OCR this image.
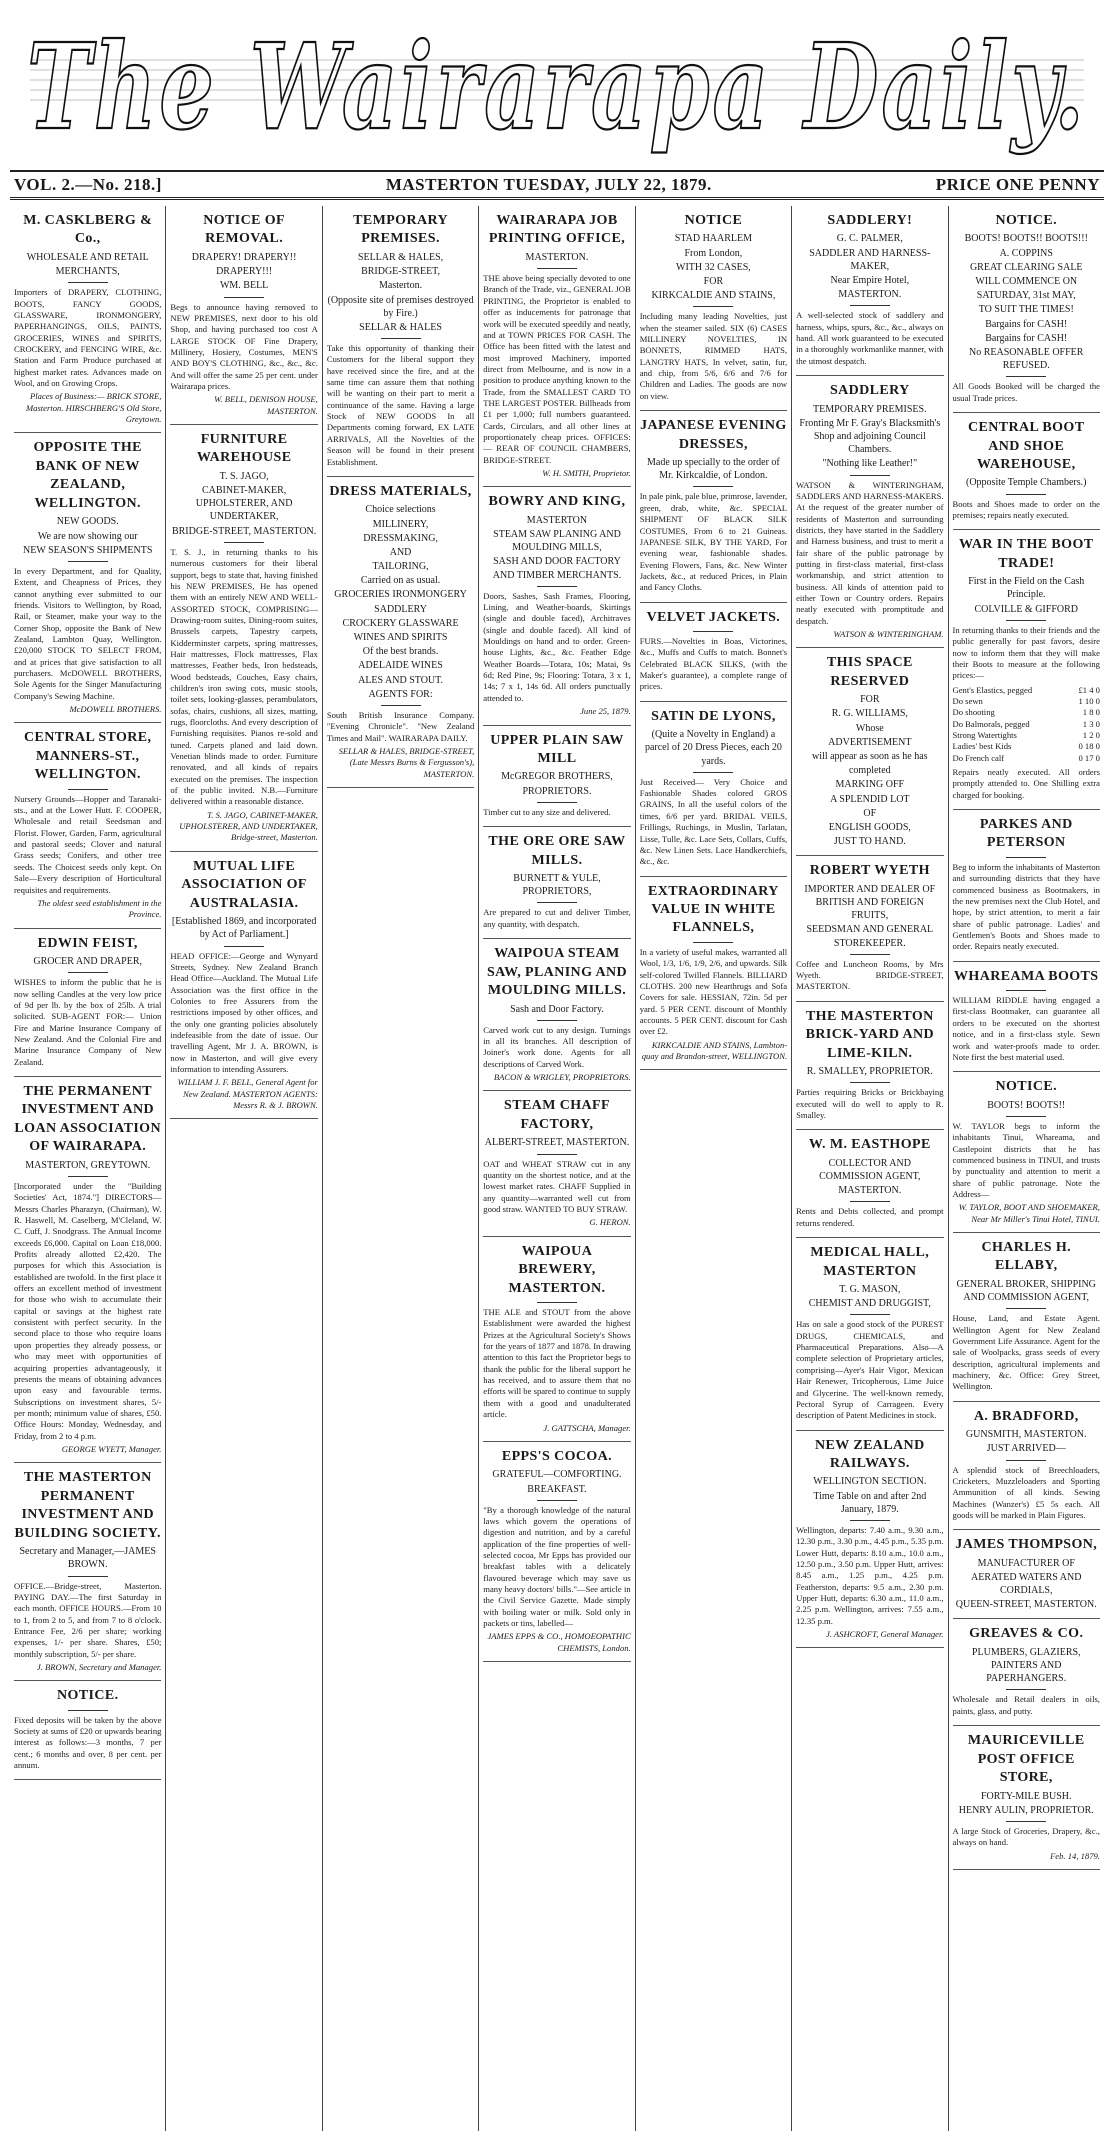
The Wairarapa Daily.
VOL. 2.—No. 218.]	MASTERTON TUESDAY, JULY 22, 1879.	PRICE ONE PENNY
M. CASKLBERG & Co.,
WHOLESALE AND RETAIL
MERCHANTS,
Importers of DRAPERY, CLOTHING, BOOTS, FANCY GOODS, GLASSWARE, IRONMONGERY, PAPERHANGINGS, OILS, PAINTS, GROCERIES, WINES and SPIRITS, CROCKERY, and FENCING WIRE, &c. Station and Farm Produce purchased at highest market rates. Advances made on Wool, and on Growing Crops.
Places of Business:— BRICK STORE, Masterton. HIRSCHBERG'S Old Store, Greytown.
OPPOSITE THE BANK OF NEW ZEALAND, WELLINGTON.
NEW GOODS.
We are now showing our
NEW SEASON'S SHIPMENTS
In every Department, and for Quality, Extent, and Cheapness of Prices, they cannot anything ever submitted to our friends. Visitors to Wellington, by Road, Rail, or Steamer, make your way to the Corner Shop, opposite the Bank of New Zealand, Lambton Quay, Wellington. £20,000 STOCK TO SELECT FROM, and at prices that give satisfaction to all purchasers. McDOWELL BROTHERS, Sole Agents for the Singer Manufacturing Company's Sewing Machine.
McDOWELL BROTHERS.
CENTRAL STORE, MANNERS-ST., WELLINGTON.
Nursery Grounds—Hopper and Taranaki-sts., and at the Lower Hutt. F. COOPER, Wholesale and retail Seedsman and Florist. Flower, Garden, Farm, agricultural and pastoral seeds; Clover and natural Grass seeds; Conifers, and other tree seeds. The Choicest seeds only kept. On Sale—Every description of Horticultural requisites and requirements.
The oldest seed establishment in the Province.
EDWIN FEIST,
GROCER AND DRAPER,
WISHES to inform the public that he is now selling Candles at the very low price of 9d per lb. by the box of 25lb. A trial solicited. SUB-AGENT FOR:— Union Fire and Marine Insurance Company of New Zealand. And the Colonial Fire and Marine Insurance Company of New Zealand.
THE PERMANENT INVESTMENT AND LOAN ASSOCIATION OF WAIRARAPA.
MASTERTON, GREYTOWN.
[Incorporated under the "Building Societies' Act, 1874."] DIRECTORS— Messrs Charles Pharazyn, (Chairman), W. R. Haswell, M. Caselberg, M'Cleland, W. C. Cuff, J. Snodgrass. The Annual Income exceeds £6,000. Capital on Loan £18,000. Profits already allotted £2,420. The purposes for which this Association is established are twofold. In the first place it offers an excellent method of investment for those who wish to accumulate their capital or savings at the highest rate consistent with perfect security. In the second place to those who require loans upon properties they already possess, or who may meet with opportunities of acquiring properties advantageously, it presents the means of obtaining advances upon easy and favourable terms. Subscriptions on investment shares, 5/- per month; minimum value of shares, £50. Office Hours: Monday, Wednesday, and Friday, from 2 to 4 p.m.
GEORGE WYETT, Manager.
THE MASTERTON PERMANENT INVESTMENT AND BUILDING SOCIETY.
Secretary and Manager,—JAMES BROWN.
OFFICE.—Bridge-street, Masterton. PAYING DAY.—The first Saturday in each month. OFFICE HOURS.—From 10 to 1, from 2 to 5, and from 7 to 8 o'clock. Entrance Fee, 2/6 per share; working expenses, 1/- per share. Shares, £50; monthly subscription, 5/- per share.
J. BROWN, Secretary and Manager.
NOTICE.
Fixed deposits will be taken by the above Society at sums of £20 or upwards bearing interest as follows:—3 months, 7 per cent.; 6 months and over, 8 per cent. per annum.
NOTICE OF REMOVAL.
DRAPERY! DRAPERY!!
DRAPERY!!!
WM. BELL
Begs to announce having removed to NEW PREMISES, next door to his old Shop, and having purchased too cost A LARGE STOCK OF Fine Drapery, Millinery, Hosiery, Costumes, MEN'S AND BOY'S CLOTHING, &c., &c., &c. And will offer the same 25 per cent. under Wairarapa prices.
W. BELL, DENISON HOUSE, MASTERTON.
FURNITURE WAREHOUSE
T. S. JAGO,
CABINET-MAKER, UPHOLSTERER, AND UNDERTAKER,
BRIDGE-STREET, MASTERTON.
T. S. J., in returning thanks to his numerous customers for their liberal support, begs to state that, having finished his NEW PREMISES, He has opened them with an entirely NEW AND WELL-ASSORTED STOCK, COMPRISING— Drawing-room suites, Dining-room suites, Brussels carpets, Tapestry carpets, Kidderminster carpets, spring mattresses, Hair mattresses, Flock mattresses, Flax mattresses, Feather beds, Iron bedsteads, Wood bedsteads, Couches, Easy chairs, children's iron swing cots, music stools, toilet sets, looking-glasses, perambulators, sofas, chairs, cushions, all sizes, matting, rugs, floorcloths. And every description of Furnishing requisites. Pianos re-sold and tuned. Carpets planed and laid down. Venetian blinds made to order. Furniture renovated, and all kinds of repairs executed on the premises. The inspection of the public invited. N.B.—Furniture delivered within a reasonable distance.
T. S. JAGO, CABINET-MAKER, UPHOLSTERER, AND UNDERTAKER, Bridge-street, Masterton.
MUTUAL LIFE ASSOCIATION OF AUSTRALASIA.
[Established 1869, and incorporated by Act of Parliament.]
HEAD OFFICE:—George and Wynyard Streets, Sydney. New Zealand Branch Head Office—Auckland. The Mutual Life Association was the first office in the Colonies to free Assurers from the restrictions imposed by other offices, and the only one granting policies absolutely indefeasible from the date of issue. Our travelling Agent, Mr J. A. BROWN, is now in Masterton, and will give every information to intending Assurers.
WILLIAM J. F. BELL, General Agent for New Zealand. MASTERTON AGENTS: Messrs R. & J. BROWN.
TEMPORARY PREMISES.
SELLAR & HALES,
BRIDGE-STREET,
Masterton.
(Opposite site of premises destroyed by Fire.)
SELLAR & HALES
Take this opportunity of thanking their Customers for the liberal support they have received since the fire, and at the same time can assure them that nothing will be wanting on their part to merit a continuance of the same. Having a large Stock of NEW GOODS In all Departments coming forward, EX LATE ARRIVALS, All the Novelties of the Season will be found in their present Establishment.
DRESS MATERIALS,
Choice selections
MILLINERY,
DRESSMAKING,
AND
TAILORING,
Carried on as usual.
GROCERIES IRONMONGERY
SADDLERY
CROCKERY GLASSWARE
WINES AND SPIRITS
Of the best brands.
ADELAIDE WINES
ALES AND STOUT.
AGENTS FOR:
South British Insurance Company. "Evening Chronicle". "New Zealand Times and Mail". WAIRARAPA DAILY.
SELLAR & HALES, BRIDGE-STREET, (Late Messrs Burns & Fergusson's), MASTERTON.
WAIRARAPA JOB PRINTING OFFICE,
MASTERTON.
THE above being specially devoted to one Branch of the Trade, viz., GENERAL JOB PRINTING, the Proprietor is enabled to offer as inducements for patronage that work will be executed speedily and neatly, and at TOWN PRICES FOR CASH. The Office has been fitted with the latest and most improved Machinery, imported direct from Melbourne, and is now in a position to produce anything known to the Trade, from the SMALLEST CARD TO THE LARGEST POSTER. Billheads from £1 per 1,000; full numbers guaranteed. Cards, Circulars, and all other lines at proportionately cheap prices. OFFICES:— REAR OF COUNCIL CHAMBERS, BRIDGE-STREET.
W. H. SMITH, Proprietor.
BOWRY AND KING,
MASTERTON
STEAM SAW PLANING AND MOULDING MILLS,
SASH AND DOOR FACTORY AND TIMBER MERCHANTS.
Doors, Sashes, Sash Frames, Flooring, Lining, and Weather-boards, Skirtings (single and double faced), Architraves (single and double faced). All kind of Mouldings on hand and to order. Green-house Lights, &c., &c. Feather Edge Weather Boards—Totara, 10s; Matai, 9s 6d; Red Pine, 9s; Flooring: Totara, 3 x 1, 14s; 7 x 1, 14s 6d. All orders punctually attended to.
June 25, 1879.
UPPER PLAIN SAW MILL
McGREGOR BROTHERS,
PROPRIETORS.
Timber cut to any size and delivered.
THE ORE ORE SAW MILLS.
BURNETT & YULE, PROPRIETORS,
Are prepared to cut and deliver Timber, any quantity, with despatch.
WAIPOUA STEAM SAW, PLANING AND MOULDING MILLS.
Sash and Door Factory.
Carved work cut to any design. Turnings in all its branches. All description of Joiner's work done. Agents for all descriptions of Carved Work.
BACON & WRIGLEY, PROPRIETORS.
STEAM CHAFF FACTORY,
ALBERT-STREET, MASTERTON.
OAT and WHEAT STRAW cut in any quantity on the shortest notice, and at the lowest market rates. CHAFF Supplied in any quantity—warranted well cut from good straw. WANTED TO BUY STRAW.
G. HERON.
WAIPOUA BREWERY, MASTERTON.
THE ALE and STOUT from the above Establishment were awarded the highest Prizes at the Agricultural Society's Shows for the years of 1877 and 1878. In drawing attention to this fact the Proprietor begs to thank the public for the liberal support he has received, and to assure them that no efforts will be spared to continue to supply them with a good and unadulterated article.
J. GATTSCHA, Manager.
EPPS'S COCOA.
GRATEFUL—COMFORTING.
BREAKFAST.
"By a thorough knowledge of the natural laws which govern the operations of digestion and nutrition, and by a careful application of the fine properties of well-selected cocoa, Mr Epps has provided our breakfast tables with a delicately flavoured beverage which may save us many heavy doctors' bills."—See article in the Civil Service Gazette. Made simply with boiling water or milk. Sold only in packets or tins, labelled—
JAMES EPPS & CO., HOMOEOPATHIC CHEMISTS, London.
NOTICE
STAD HAARLEM
From London,
WITH 32 CASES,
FOR
KIRKCALDIE AND STAINS,
Including many leading Novelties, just when the steamer sailed. SIX (6) CASES MILLINERY NOVELTIES, IN BONNETS, RIMMED HATS, LANGTRY HATS, In velvet, satin, fur, and chip, from 5/6, 6/6 and 7/6 for Children and Ladies. The goods are now on view.
JAPANESE EVENING DRESSES,
Made up specially to the order of Mr. Kirkcaldie, of London.
In pale pink, pale blue, primrose, lavender, green, drab, white, &c. SPECIAL SHIPMENT OF BLACK SILK COSTUMES, From 6 to 21 Guineas. JAPANESE SILK, BY THE YARD, For evening wear, fashionable shades. Evening Flowers, Fans, &c. New Winter Jackets, &c., at reduced Prices, in Plain and Fancy Cloths.
VELVET JACKETS.
FURS.—Novelties in Boas, Victorines, &c., Muffs and Cuffs to match. Bonnet's Celebrated BLACK SILKS, (with the Maker's guarantee), a complete range of prices.
SATIN DE LYONS,
(Quite a Novelty in England) a parcel of 20 Dress Pieces, each 20 yards.
Just Received— Very Choice and Fashionable Shades colored GROS GRAINS, In all the useful colors of the times, 6/6 per yard. BRIDAL VEILS, Frillings, Ruchings, in Muslin, Tarlatan, Lisse, Tulle, &c. Lace Sets, Collars, Cuffs, &c. New Linen Sets. Lace Handkerchiefs, &c., &c.
EXTRAORDINARY VALUE IN WHITE FLANNELS,
In a variety of useful makes, warranted all Wool, 1/3, 1/6, 1/9, 2/6, and upwards. Silk self-colored Twilled Flannels. BILLIARD CLOTHS. 200 new Hearthrugs and Sofa Covers for sale. HESSIAN, 72in. 5d per yard. 5 PER CENT. discount of Monthly accounts. 5 PER CENT. discount for Cash over £2.
KIRKCALDIE AND STAINS, Lambton-quay and Brandon-street, WELLINGTON.
SADDLERY!
G. C. PALMER,
SADDLER AND HARNESS-MAKER,
Near Empire Hotel,
MASTERTON.
A well-selected stock of saddlery and harness, whips, spurs, &c., &c., always on hand. All work guaranteed to be executed in a thoroughly workmanlike manner, with the utmost despatch.
SADDLERY
TEMPORARY PREMISES.
Fronting Mr F. Gray's Blacksmith's Shop and adjoining Council Chambers.
"Nothing like Leather!"
WATSON & WINTERINGHAM, SADDLERS AND HARNESS-MAKERS. At the request of the greater number of residents of Masterton and surrounding districts, they have started in the Saddlery and Harness business, and trust to merit a fair share of the public patronage by putting in first-class material, first-class workmanship, and strict attention to business. All kinds of attention paid to either Town or Country orders. Repairs neatly executed with promptitude and despatch.
WATSON & WINTERINGHAM.
THIS SPACE RESERVED
FOR
R. G. WILLIAMS,
Whose
ADVERTISEMENT
will appear as soon as he has
completed
MARKING OFF
A SPLENDID LOT
OF
ENGLISH GOODS,
JUST TO HAND.
ROBERT WYETH
IMPORTER AND DEALER OF BRITISH AND FOREIGN FRUITS,
SEEDSMAN AND GENERAL STOREKEEPER.
Coffee and Luncheon Rooms, by Mrs Wyeth. BRIDGE-STREET, MASTERTON.
THE MASTERTON BRICK-YARD AND LIME-KILN.
R. SMALLEY, PROPRIETOR.
Parties requiring Bricks or Brickbaying executed will do well to apply to R. Smalley.
W. M. EASTHOPE
COLLECTOR AND COMMISSION AGENT,
MASTERTON.
Rents and Debts collected, and prompt returns rendered.
MEDICAL HALL, MASTERTON
T. G. MASON,
CHEMIST AND DRUGGIST,
Has on sale a good stock of the PUREST DRUGS, CHEMICALS, and Pharmaceutical Preparations. Also—A complete selection of Proprietary articles, comprising—Ayer's Hair Vigor, Mexican Hair Renewer, Tricopherous, Lime Juice and Glycerine. The well-known remedy, Pectoral Syrup of Carrageen. Every description of Patent Medicines in stock.
NEW ZEALAND RAILWAYS.
WELLINGTON SECTION.
Time Table on and after 2nd January, 1879.
Wellington, departs: 7.40 a.m., 9.30 a.m., 12.30 p.m., 3.30 p.m., 4.45 p.m., 5.35 p.m. Lower Hutt, departs: 8.10 a.m., 10.0 a.m., 12.50 p.m., 3.50 p.m. Upper Hutt, arrives: 8.45 a.m., 1.25 p.m., 4.25 p.m. Featherston, departs: 9.5 a.m., 2.30 p.m. Upper Hutt, departs: 6.30 a.m., 11.0 a.m., 2.25 p.m. Wellington, arrives: 7.55 a.m., 12.35 p.m.
J. ASHCROFT, General Manager.
NOTICE.
BOOTS! BOOTS!! BOOTS!!!
A. COPPINS
GREAT CLEARING SALE
WILL COMMENCE ON
SATURDAY, 31st MAY,
TO SUIT THE TIMES!
Bargains for CASH!
Bargains for CASH!
No REASONABLE OFFER REFUSED.
All Goods Booked will be charged the usual Trade prices.
CENTRAL BOOT AND SHOE WAREHOUSE,
(Opposite Temple Chambers.)
Boots and Shoes made to order on the premises; repairs neatly executed.
WAR IN THE BOOT TRADE!
First in the Field on the Cash Principle.
COLVILLE & GIFFORD
In returning thanks to their friends and the public generally for past favors, desire now to inform them that they will make their Boots to measure at the following prices:—
Gent's Elastics, pegged	£1 4 0
Do sewn	1 10 0
Do shooting	1 8 0
Do Balmorals, pegged	1 3 0
Strong Watertights	1 2 0
Ladies' best Kids	0 18 0
Do French calf	0 17 0
Repairs neatly executed. All orders promptly attended to. One Shilling extra charged for booking.
PARKES AND PETERSON
Beg to inform the inhabitants of Masterton and surrounding districts that they have commenced business as Bootmakers, in the new premises next the Club Hotel, and hope, by strict attention, to merit a fair share of public patronage. Ladies' and Gentlemen's Boots and Shoes made to order. Repairs neatly executed.
WHAREAMA BOOTS
WILLIAM RIDDLE having engaged a first-class Bootmaker, can guarantee all orders to be executed on the shortest notice, and in a first-class style. Sewn work and water-proofs made to order. Note first the best material used.
NOTICE.
BOOTS! BOOTS!!
W. TAYLOR begs to inform the inhabitants Tinui, Whareama, and Castlepoint districts that he has commenced business in TINUI, and trusts by punctuality and attention to merit a share of public patronage. Note the Address—
W. TAYLOR, BOOT AND SHOEMAKER, Near Mr Miller's Tinui Hotel, TINUI.
CHARLES H. ELLABY,
GENERAL BROKER, SHIPPING AND COMMISSION AGENT,
House, Land, and Estate Agent. Wellington Agent for New Zealand Government Life Assurance. Agent for the sale of Woolpacks, grass seeds of every description, agricultural implements and machinery, &c. Office: Grey Street, Wellington.
A. BRADFORD,
GUNSMITH, MASTERTON.
JUST ARRIVED—
A splendid stock of Breechloaders, Cricketers, Muzzleloaders and Sporting Ammunition of all kinds. Sewing Machines (Wanzer's) £5 5s each. All goods will be marked in Plain Figures.
JAMES THOMPSON,
MANUFACTURER OF
AERATED WATERS AND CORDIALS,
QUEEN-STREET, MASTERTON.
GREAVES & CO.
PLUMBERS, GLAZIERS, PAINTERS AND PAPERHANGERS.
Wholesale and Retail dealers in oils, paints, glass, and putty.
MAURICEVILLE POST OFFICE STORE,
FORTY-MILE BUSH.
HENRY AULIN, PROPRIETOR.
A large Stock of Groceries, Drapery, &c., always on hand.
Feb. 14, 1879.
